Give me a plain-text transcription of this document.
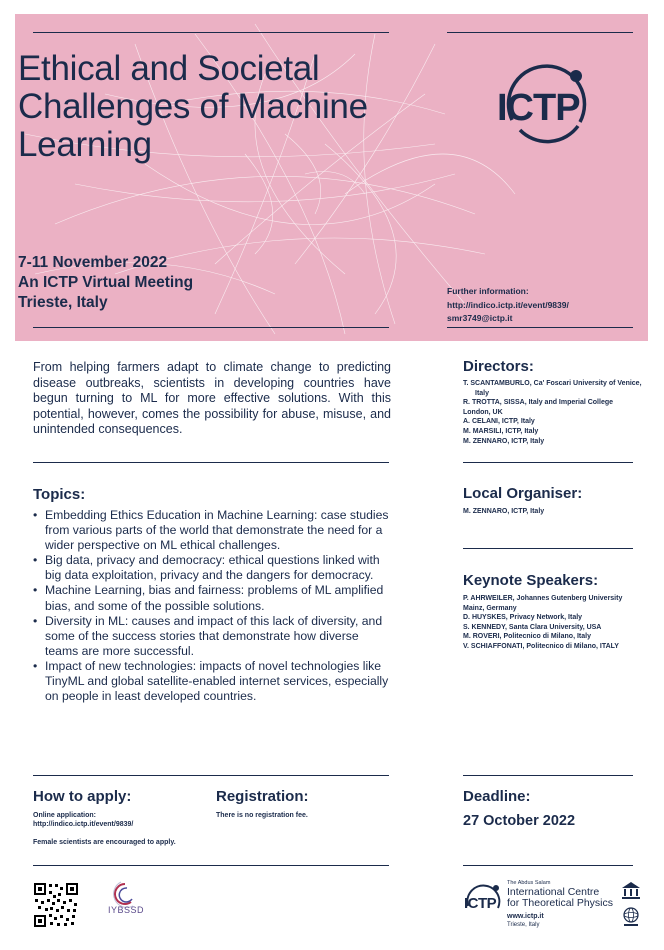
Ethical and Societal Challenges of Machine Learning
7-11 November 2022
An ICTP Virtual Meeting
Trieste, Italy
Further information:
http://indico.ictp.it/event/9839/
smr3749@ictp.it
ICTP

From helping farmers adapt to climate change to predicting disease outbreaks, scientists in developing countries have begun turning to ML for more effective solutions. With this potential, however, comes the possibility for abuse, misuse, and unintended consequences.

Directors:
T. SCANTAMBURLO, Ca' Foscari University of Venice,
Italy
R. TROTTA, SISSA, Italy and Imperial College
London, UK
A. CELANI, ICTP, Italy
M. MARSILI, ICTP, Italy
M. ZENNARO, ICTP, Italy
Topics:
• Embedding Ethics Education in Machine Learning: case studies from various parts of the world that demonstrate the need for a wider perspective on ML ethical challenges.
• Big data, privacy and democracy: ethical questions linked with big data exploitation, privacy and the dangers for democracy.
• Machine Learning, bias and fairness: problems of ML amplified bias, and some of the possible solutions.
• Diversity in ML: causes and impact of this lack of diversity, and some of the success stories that demonstrate how diverse teams are more successful.
• Impact of new technologies: impacts of novel technologies like TinyML and global satellite-enabled internet services, especially on people in least developed countries.
Local Organiser:
M. ZENNARO, ICTP, Italy
Keynote Speakers:
P. AHRWEILER, Johannes Gutenberg University
Mainz, Germany
D. HUYSKES, Privacy Network, Italy
S. KENNEDY, Santa Clara University, USA
M. ROVERI, Politecnico di Milano, Italy
V. SCHIAFFONATI, Politecnico di Milano, ITALY
How to apply:
Online application:
http://indico.ictp.it/event/9839/
Female scientists are encouraged to apply.
Registration:
There is no registration fee.
Deadline:
27 October 2022
IYBSSD	ICTP
The Abdus Salam
International Centre
for Theoretical Physics
www.ictp.it
Trieste, Italy
